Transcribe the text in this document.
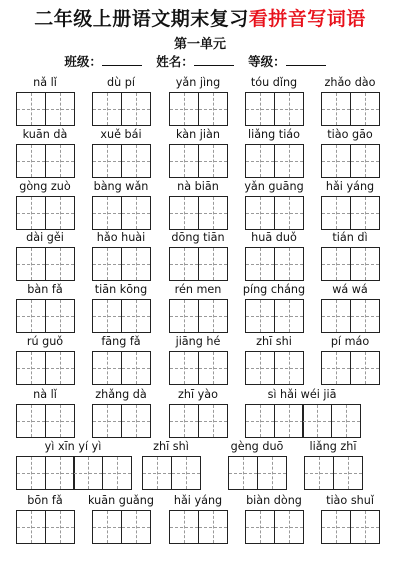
二年级上册语文期末复习看拼音写词语
第一单元
班级：	姓名：	等级：
nǎ lǐ	dù pí	yǎn jìng	tóu dǐng	zhǎo dào
kuān dà	xuě bái	kàn jiàn	liǎng tiáo	tiào gāo
gòng zuò	bàng wǎn	nà biān	yǎn guāng	hǎi yáng
dài gěi	hǎo huài	dōng tiān	huā duǒ	tián dì
bàn fǎ	tiān kōng	rén men	píng cháng	wá wá
rú guǒ	fāng fǎ	jiāng hé	zhī shi	pí máo
nà lǐ	zhǎng dà	zhī yào	sì hǎi wéi jiā
yì xīn yí yì	zhī shì	gèng duō	liǎng zhī
bōn fǎ	kuān guǎng	hǎi yáng	biàn dòng	tiào shuǐ
